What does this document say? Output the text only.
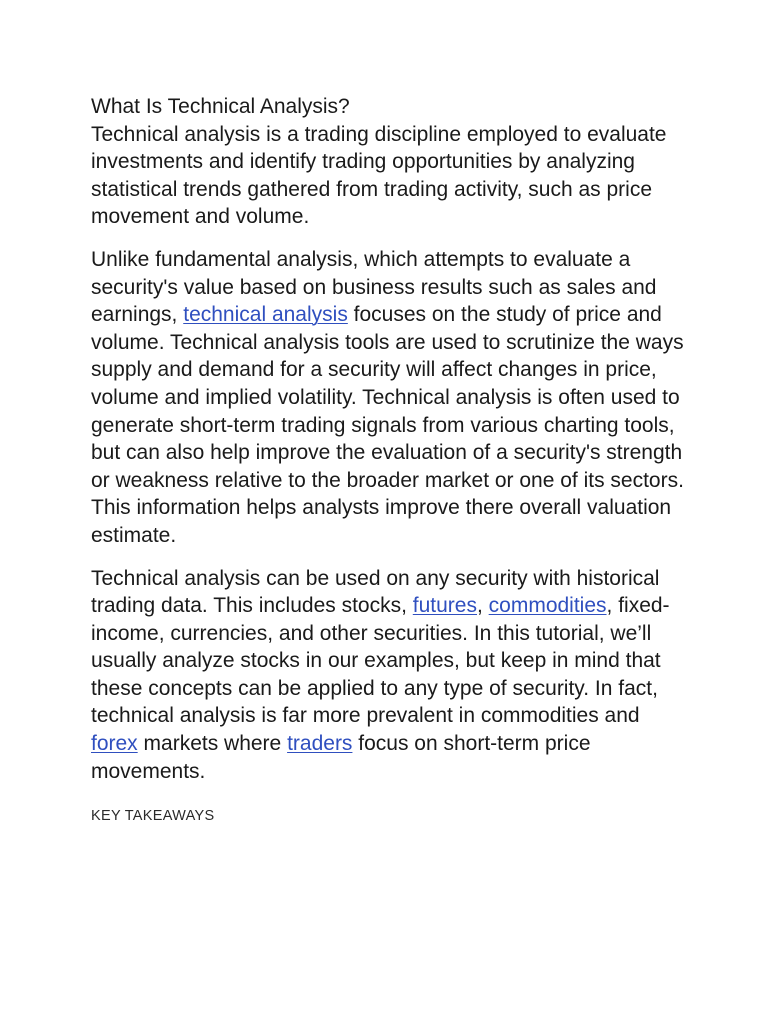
What Is Technical Analysis?
Technical analysis is a trading discipline employed to evaluate investments and identify trading opportunities by analyzing statistical trends gathered from trading activity, such as price movement and volume.

Unlike fundamental analysis, which attempts to evaluate a security's value based on business results such as sales and earnings, technical analysis focuses on the study of price and volume. Technical analysis tools are used to scrutinize the ways supply and demand for a security will affect changes in price, volume and implied volatility. Technical analysis is often used to generate short-term trading signals from various charting tools, but can also help improve the evaluation of a security's strength or weakness relative to the broader market or one of its sectors. This information helps analysts improve there overall valuation estimate.

Technical analysis can be used on any security with historical trading data. This includes stocks, futures, commodities, fixed-income, currencies, and other securities. In this tutorial, we’ll usually analyze stocks in our examples, but keep in mind that these concepts can be applied to any type of security. In fact, technical analysis is far more prevalent in commodities and forex markets where traders focus on short-term price movements.

KEY TAKEAWAYS
